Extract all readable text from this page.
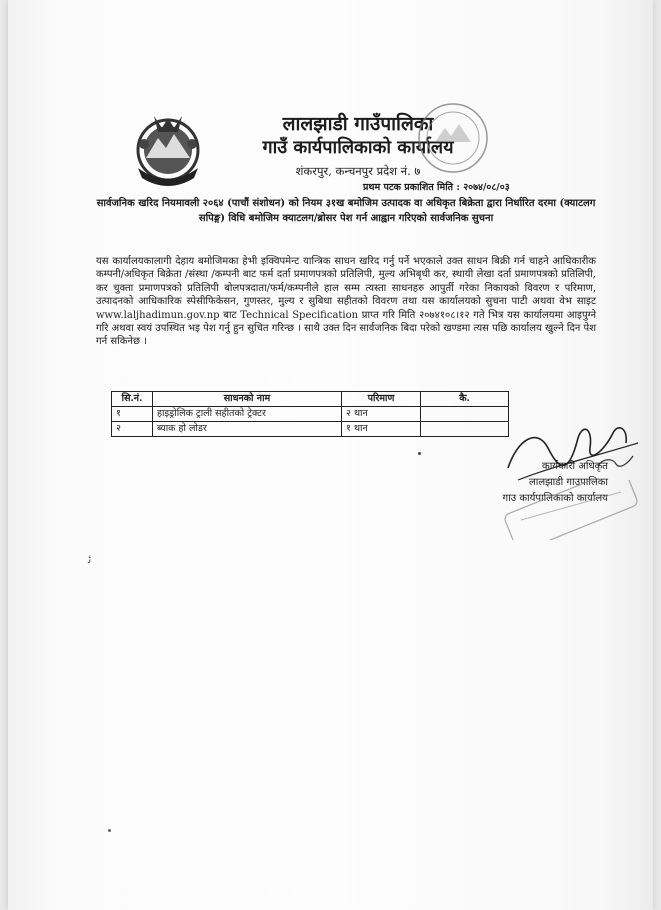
लालझाडी गाउँपालिका
गाउँ कार्यपालिकाको कार्यालय
शंकरपुर, कन्चनपुर प्रदेश नं. ७
प्रथम पटक प्रकाशित मिति : २०७४/०८/०३
सार्वजनिक खरिद नियमावली २०६४ (पाचौं संशोधन) को नियम ३१ख बमोजिम उत्पादक वा अधिकृत बिक्रेता द्वारा निर्धारित दरमा (क्याटलग सपिङ्ग) विधि बमोजिम क्याटलग/ब्रोसर पेश गर्न आह्वान गरिएको सार्वजनिक सुचना
यस कार्यालयकालागी देहाय बमोजिमका हेभी इक्विपमेन्ट यान्त्रिक साधन खरिद गर्नु पर्ने भएकाले उक्त साधन बिक्री गर्न चाहने आधिकारीक कम्पनी/अधिकृत बिक्रेता /संस्था /कम्पनी बाट फर्म दर्ता प्रमाणपत्रको प्रतिलिपी, मुल्य अभिबृधी कर, स्थायी लेखा दर्ता प्रमाणपत्रको प्रतिलिपी, कर चुक्ता प्रमाणपत्रको प्रतिलिपी बोलपत्रदाता/फर्म/कम्पनीले हाल सम्म त्यस्ता साधनहरु आपुर्ती गरेका निकायको विवरण र परिमाण, उत्पादनको आधिकारिक स्पेसीफिकेसन, गुणस्तर, मुल्य र सुबिधा सहीतको विवरण तथा यस कार्यालयको सुचना पाटी अथवा वेभ साइट www.laljhadimun.gov.np बाट Technical Specification प्राप्त गरि मिति २०७४१०८।१२ गते भित्र यस कार्यालयमा आइपुग्ने गरि अथवा स्वयं उपस्थित भइ पेश गर्नु हुन सुचित गरिन्छ । साथै उक्त दिन सार्वजनिक बिदा परेको खण्डमा त्यस पछि कार्यालय खुल्ने दिन पेश गर्न सकिनेछ ।
सि.नं.	साधनको नाम	परिमाण	कै.
१	हाइड्रोलिक ट्राली सहीतको ट्रेक्टर	२ थान	
२	ब्याक हो लोडर	१ थान	
कार्यकारी अधिकृत
लालझाडी गाउपालिका
गाउ कार्यपालिकाको कार्यालय
ﺋ
